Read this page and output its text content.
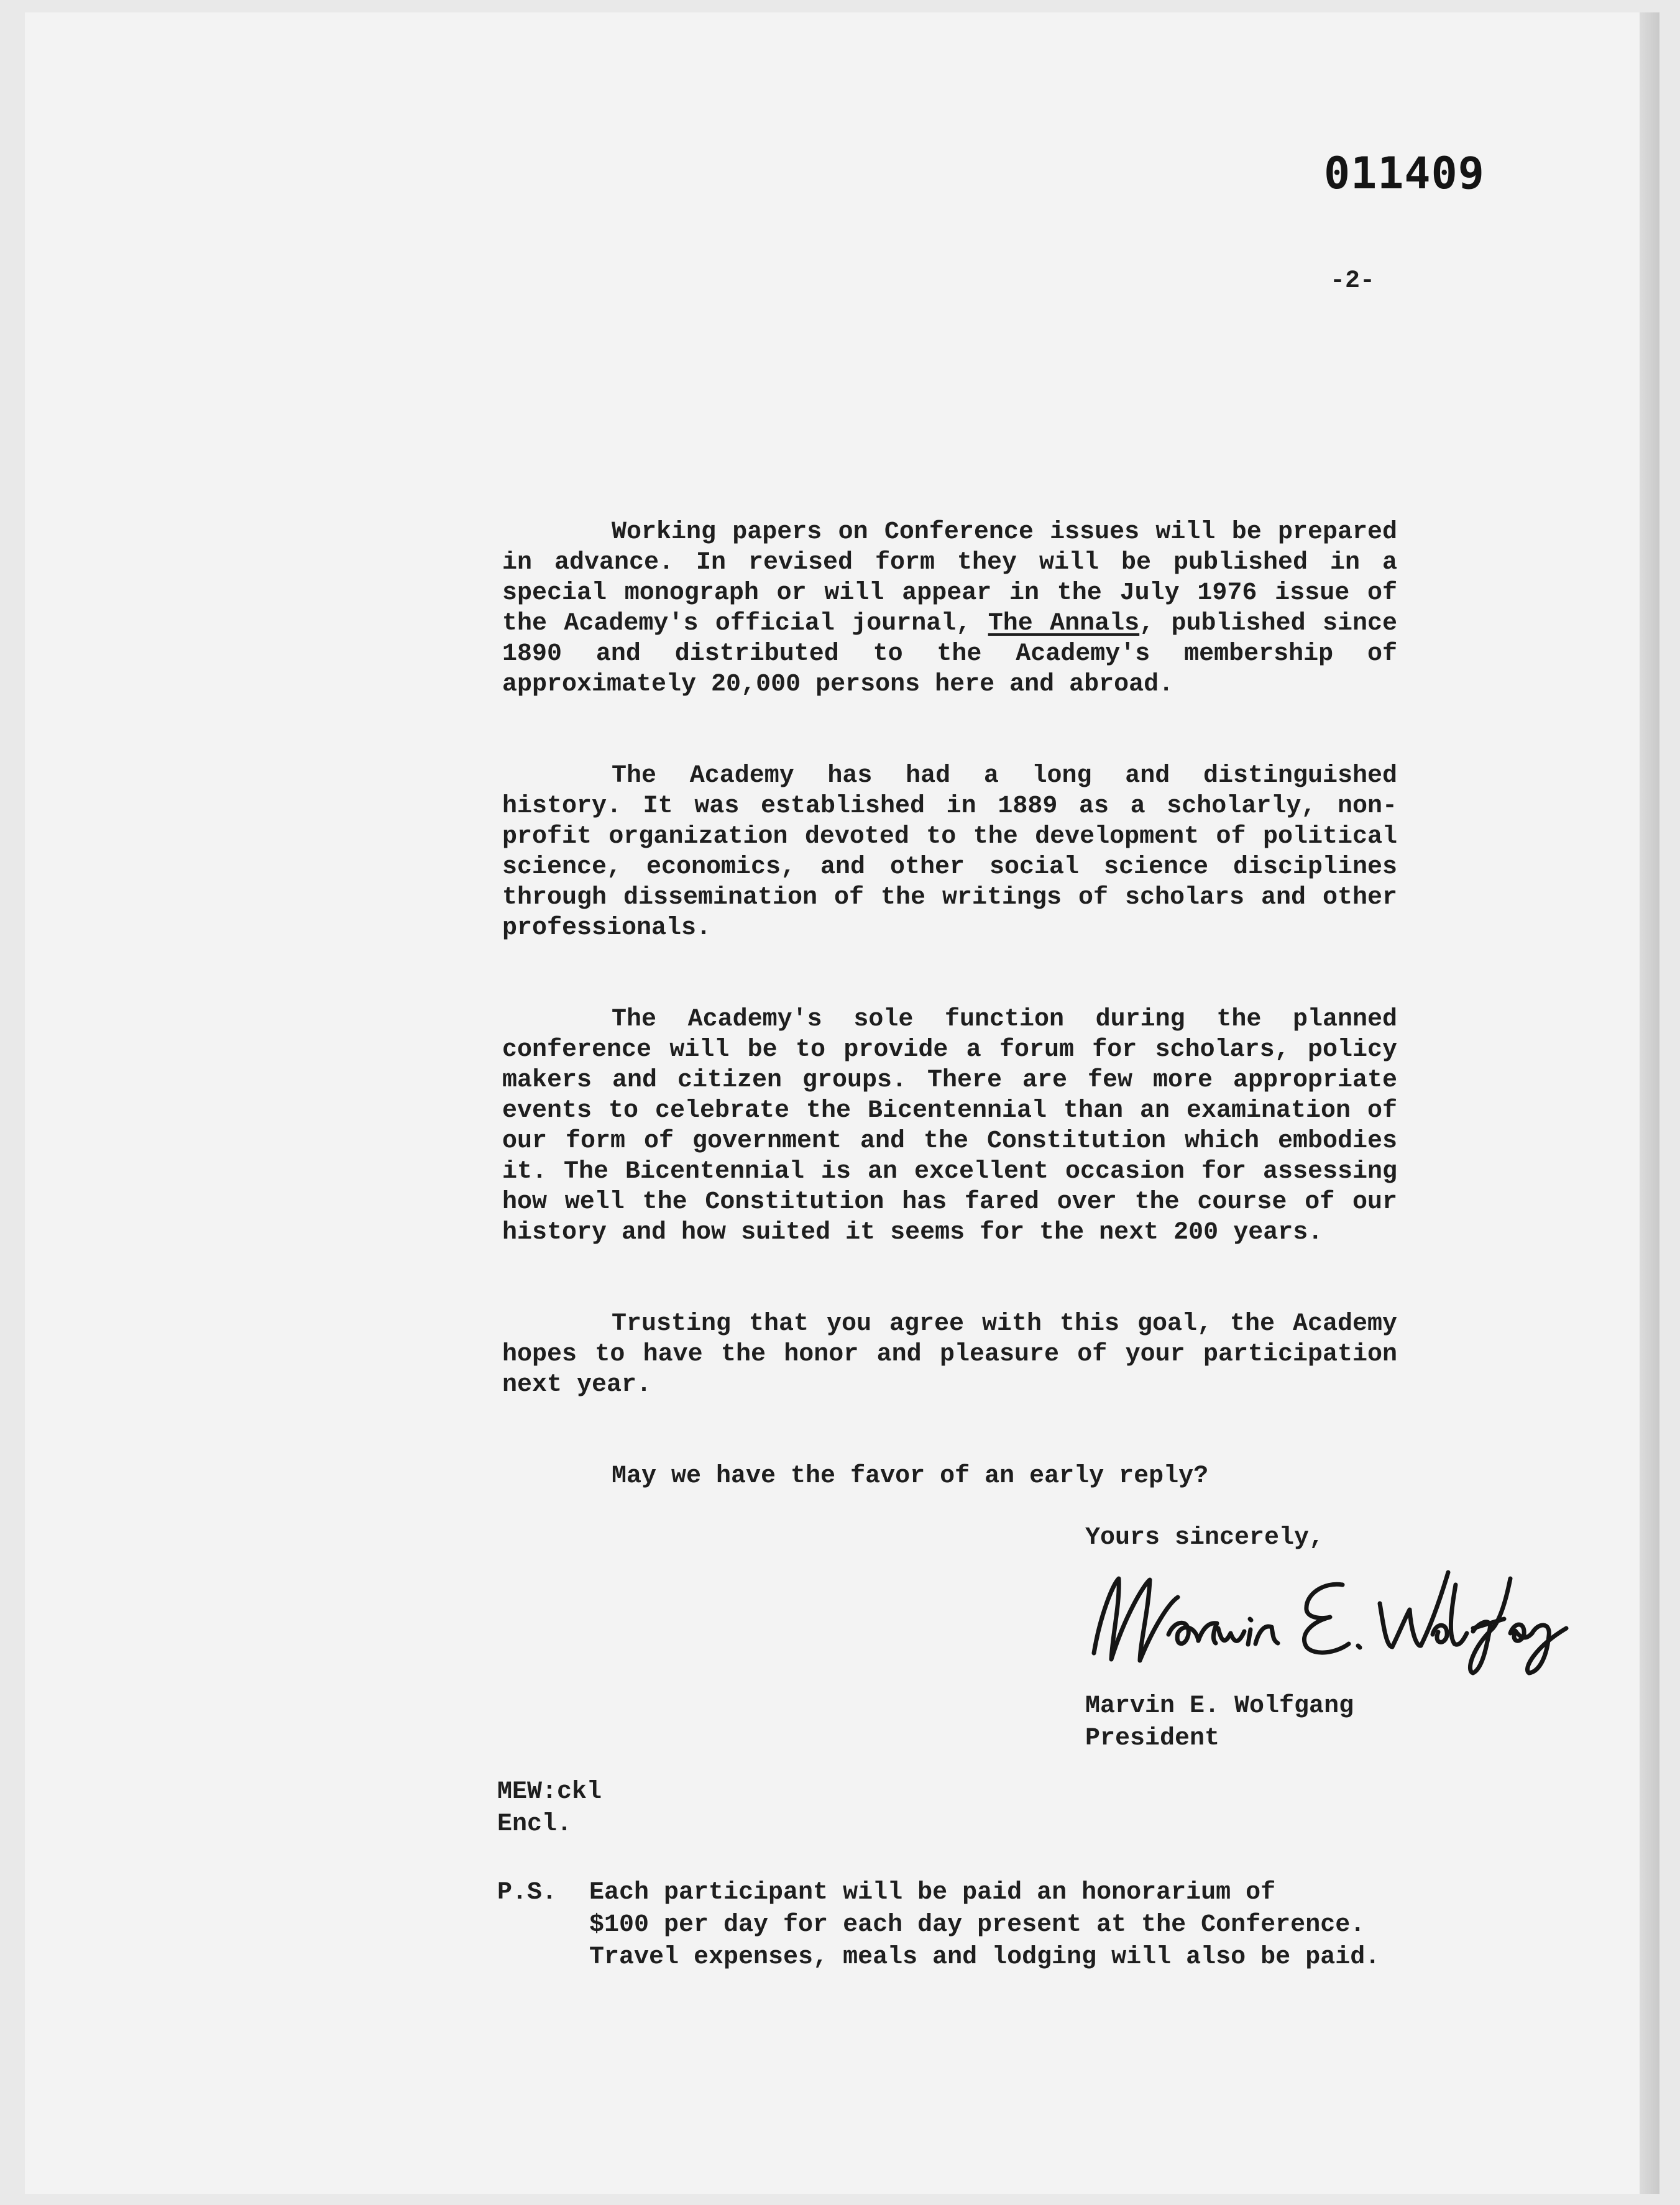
011409
-2-

Working papers on Conference issues will be prepared in advance. In revised form they will be published in a special monograph or will appear in the July 1976 issue of the Academy's official journal, The Annals, published since 1890 and distributed to the Academy's membership of approximately 20,000 persons here and abroad.

The Academy has had a long and distinguished history. It was established in 1889 as a scholarly, non-profit organization devoted to the development of political science, economics, and other social science disciplines through dissemination of the writings of scholars and other professionals.

The Academy's sole function during the planned conference will be to provide a forum for scholars, policy makers and citizen groups. There are few more appropriate events to celebrate the Bicentennial than an examination of our form of government and the Constitution which embodies it. The Bicentennial is an excellent occasion for assessing how well the Constitution has fared over the course of our history and how suited it seems for the next 200 years.

Trusting that you agree with this goal, the Academy hopes to have the honor and pleasure of your participation next year.

May we have the favor of an early reply?

Yours sincerely,
Marvin E. Wolfgang
President
MEW:ckl
Encl.
P.S. Each participant will be paid an honorarium of
$100 per day for each day present at the Conference.
Travel expenses, meals and lodging will also be paid.
